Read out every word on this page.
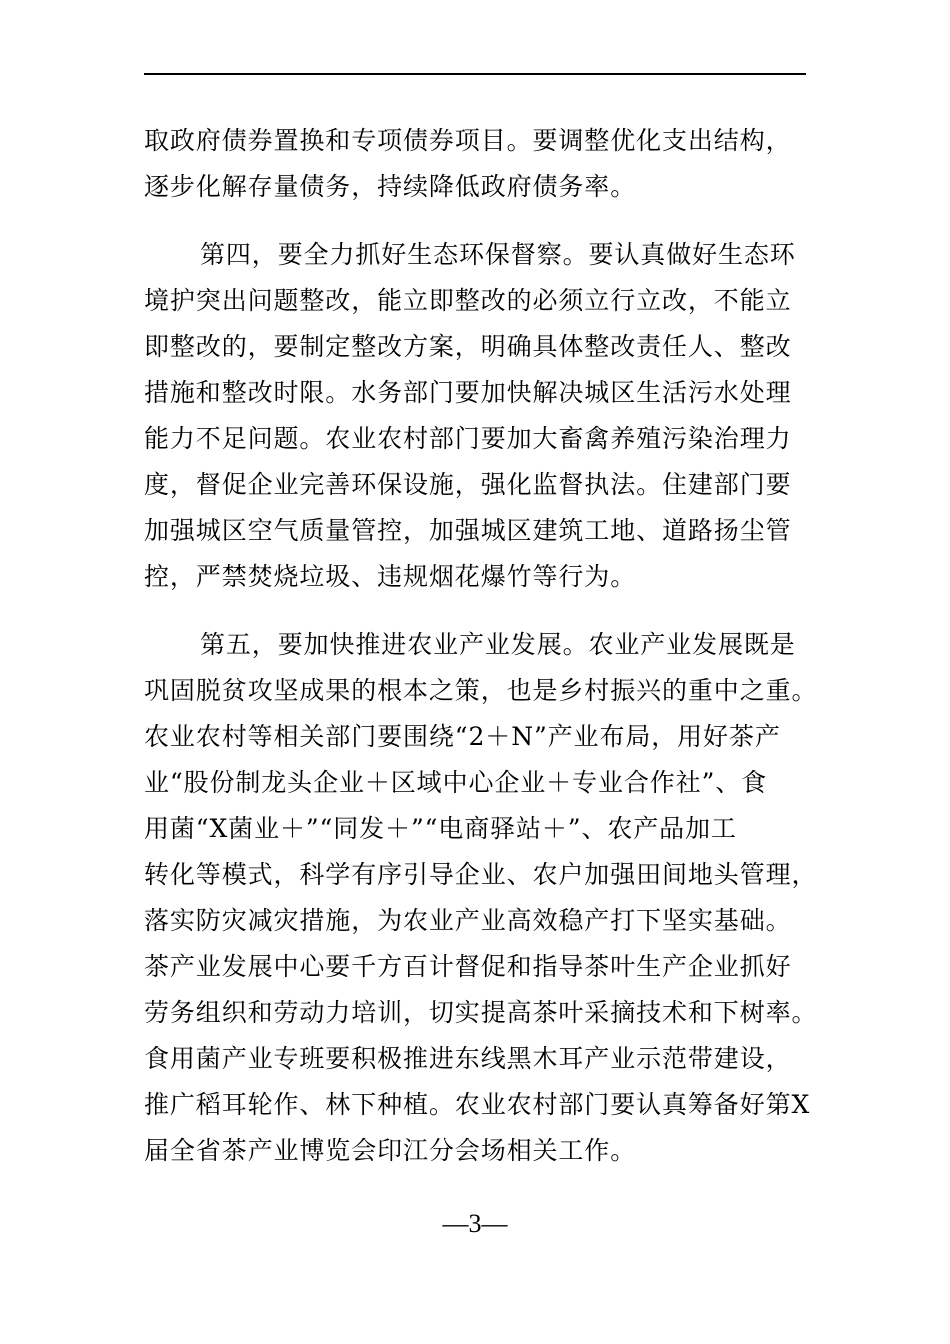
取政府债券置换和专项债券项目。要调整优化支出结构，
逐步化解存量债务，持续降低政府债务率。
第四，要全力抓好生态环保督察。要认真做好生态环
境护突出问题整改，能立即整改的必须立行立改，不能立
即整改的，要制定整改方案，明确具体整改责任人、整改
措施和整改时限。水务部门要加快解决城区生活污水处理
能力不足问题。农业农村部门要加大畜禽养殖污染治理力
度，督促企业完善环保设施，强化监督执法。住建部门要
加强城区空气质量管控，加强城区建筑工地、道路扬尘管
控，严禁焚烧垃圾、违规烟花爆竹等行为。
第五，要加快推进农业产业发展。农业产业发展既是
巩固脱贫攻坚成果的根本之策，也是乡村振兴的重中之重。
农业农村等相关部门要围绕“2＋N”产业布局，用好茶产
业“股份制龙头企业＋区域中心企业＋专业合作社”、食
用菌“X菌业＋”“同发＋”“电商驿站＋”、农产品加工
转化等模式，科学有序引导企业、农户加强田间地头管理，
落实防灾减灾措施，为农业产业高效稳产打下坚实基础。
茶产业发展中心要千方百计督促和指导茶叶生产企业抓好
劳务组织和劳动力培训，切实提高茶叶采摘技术和下树率。
食用菌产业专班要积极推进东线黑木耳产业示范带建设，
推广稻耳轮作、林下种植。农业农村部门要认真筹备好第X
届全省茶产业博览会印江分会场相关工作。
—3—
